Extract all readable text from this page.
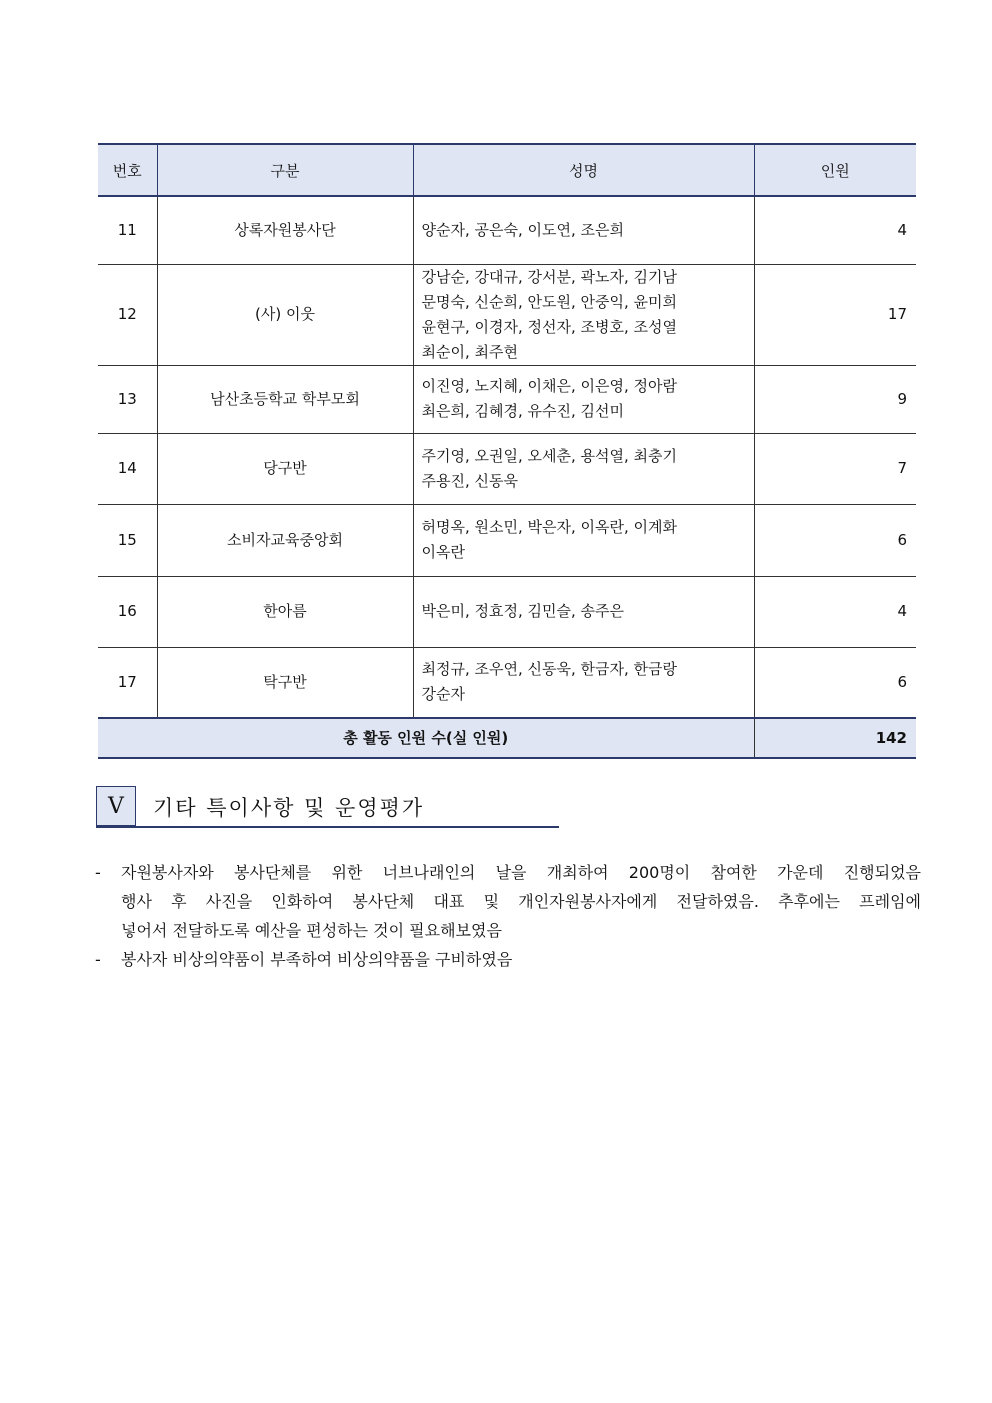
번호	구분	성명	인원
11	상록자원봉사단	양순자, 공은숙, 이도연, 조은희	4
12	(사) 이웃	강남순, 강대규, 강서분, 곽노자, 김기남
문명숙, 신순희, 안도원, 안중익, 윤미희
윤현구, 이경자, 정선자, 조병호, 조성열
최순이, 최주현	17
13	남산초등학교 학부모회	이진영, 노지혜, 이채은, 이은영, 정아람
최은희, 김혜경, 유수진, 김선미	9
14	당구반	주기영, 오권일, 오세춘, 용석열, 최충기
주용진, 신동욱	7
15	소비자교육중앙회	허명옥, 원소민, 박은자, 이옥란, 이계화
이옥란	6
16	한아름	박은미, 정효정, 김민슬, 송주은	4
17	탁구반	최정규, 조우연, 신동욱, 한금자, 한금랑
강순자	6
총 활동 인원 수(실 인원)			142
Ⅴ	기타 특이사항 및 운영평가
- 자원봉사자와 봉사단체를 위한 너브나래인의 날을 개최하여 200명이 참여한 가운데 진행되었음
행사 후 사진을 인화하여 봉사단체 대표 및 개인자원봉사자에게 전달하였음. 추후에는 프레임에
넣어서 전달하도록 예산을 편성하는 것이 필요해보였음
- 봉사자 비상의약품이 부족하여 비상의약품을 구비하였음
